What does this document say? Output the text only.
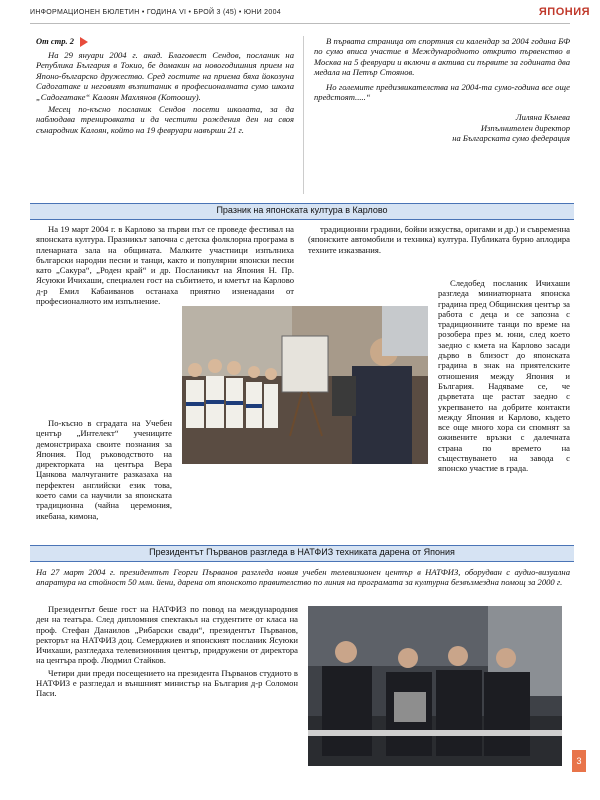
ИНФОРМАЦИОНЕН БЮЛЕТИН • ГОДИНА VI • БРОЙ 3 (45) • ЮНИ 2004	ЯПОНИЯ

От стр. 2

На 29 януари 2004 г. акад. Благовест Сендов, посланик на Република България в Токио, бе домакин на новогодишния прием на Японо-българско дружество. Сред гостите на приема бяха йокозуна Садогатаке и неговият възпитаник в професионалната сумо школа „Садогатаке“ Калоян Махлянов (Котоошу).

Месец по-късно посланик Сендов посети школата, за да наблюдава тренировката и да честити рождения ден на своя сънародник Калоян, който на 19 февруари навърши 21 г.

В първата страница от спортния си календар за 2004 година БФ по сумо вписа участие в Международното открито първенство в Москва на 5 февруари и включи в актива си първите за годината два медала на Петър Стоянов.

Но големите предизвикателства на 2004-та сумо-година все още предстоят.....“

Лиляна Кънева
Изпълнителен директор
на Българската сумо федерация
Празник на японската култура в Карлово

На 19 март 2004 г. в Карлово за първи път се проведе фестивал на японската култура. Празникът започна с детска фолклорна програма в пленарната зала на общината. Малките участници изпълниха български народни песни и танци, както и популярни японски песни като „Сакура“, „Роден край“ и др. Посланикът на Япония Н. Пр. Ясуюки Ичихаши, специален гост на събитието, и кметът на Карлово д-р Емил Кабаиванов останаха приятно изненадани от професионалното им изпълнение.

По-късно в сградата на Учебен център „Интелект“ учениците демонстрираха своите познания за Япония. Под ръководството на директорката на центъра Вера Цанкова малчуганите разказаха на перфектен английски език това, което сами са научили за японската традиционна (чайна церемония, икебана, кимона,

традиционни градини, бойни изкуства, оригами и др.) и съвременна (японските автомобили и техника) култура. Публиката бурно аплодира техните изказвания.

Следобед посланик Ичихаши разгледа миниатюрната японска градина пред Общинския център за работа с деца и се запозна с традиционните танци по време на розобера през м. юни, след което заедно с кмета на Карлово засади дърво в близост до японската градина в знак на приятелските отношения между Япония и България. Надяваме се, че дърветата ще растат заедно с укрепването на добрите контакти между Япония и Карлово, където все още много хора си спомнят за оживените връзки с далечната страна по времето на съществуването на завода с японско участие в града.

Президентът Първанов разгледа в НАТФИЗ техниката дарена от Япония
На 27 март 2004 г. президентът Георги Първанов разгледа новия учебен телевизионен център в НАТФИЗ, оборудван с аудио-визуална апаратура на стойност 50 млн. йени, дарена от японското правителство по линия на програмата за културна безвъзмездна помощ за 2000 г.

Президентът беше гост на НАТФИЗ по повод на международния ден на театъра. След дипломния спектакъл на студентите от класа на проф. Стефан Данаилов „Рибарски свади“, президентът Първанов, ректорът на НАТФИЗ доц. Семерджиев и японският посланик Ясуюки Ичихаши, разгледаха телевизионния център, придружени от директора на центъра проф. Людмил Стайков.

Четири дни преди посещението на президента Първанов студиото в НАТФИЗ е разгледал и външният министър на България д-р Соломон Паси.

3
